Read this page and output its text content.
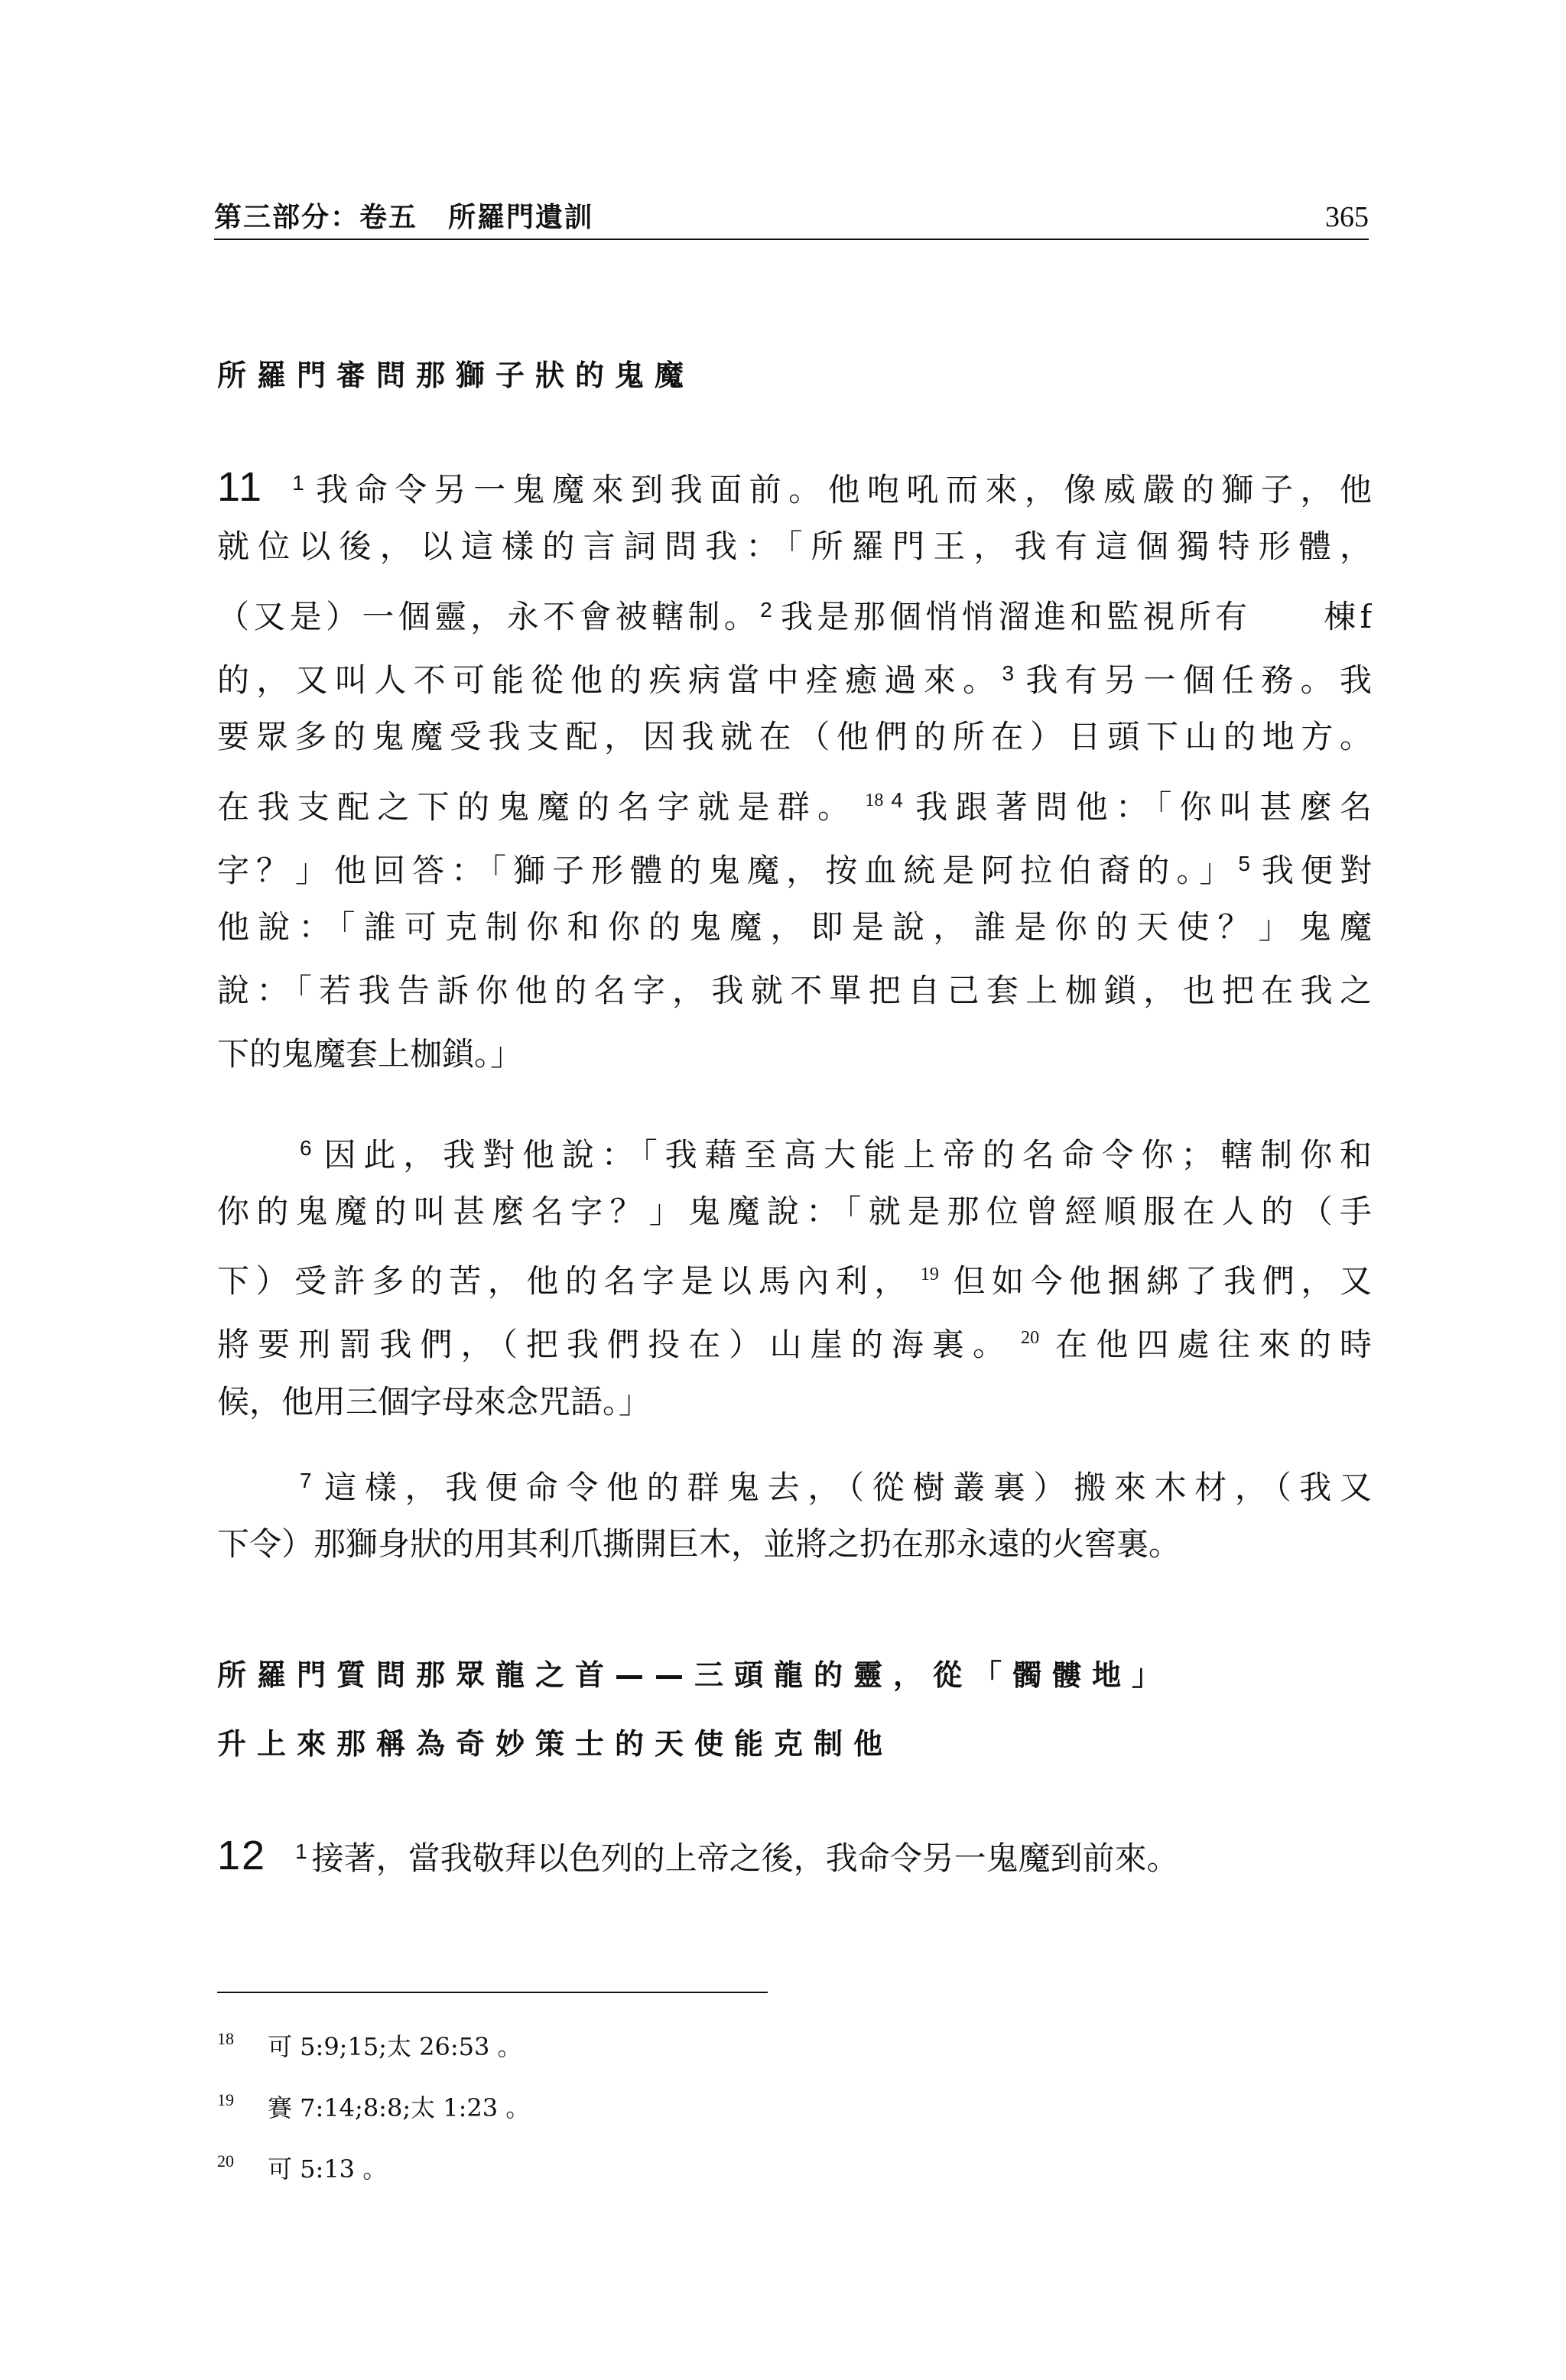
第三部分：卷五 所羅門遺訓	365
所羅門審問那獅子狀的鬼魔
11 $^1$ 我命令另一鬼魔來到我面前。他咆吼而來，像威嚴的獅子，他
就位以後，以這樣的言詞問我：「所羅門王，我有這個獨特形體，
（又是）一個靈，永不會被轄制。$^2$ 我是那個悄悄溜進和監視所有　　棟f
的，又叫人不可能從他的疾病當中痊癒過來。$^3$ 我有另一個任務。我
要眾多的鬼魔受我支配，因我就在（他們的所在）日頭下山的地方。
在我支配之下的鬼魔的名字就是群。 $^{18}$ $^4$ 我跟著問他：「你叫甚麼名
字？」他回答：「獅子形體的鬼魔，按血統是阿拉伯裔的。」$^5$ 我便對
他說：「誰可克制你和你的鬼魔，即是說，誰是你的天使？」鬼魔
說：「若我告訴你他的名字，我就不單把自己套上枷鎖，也把在我之
下的鬼魔套上枷鎖。」
$^6$ 因此，我對他說：「我藉至高大能上帝的名命令你；轄制你和
你的鬼魔的叫甚麼名字？」鬼魔說：「就是那位曾經順服在人的（手
下）受許多的苦，他的名字是以馬內利， $^{19}$ 但如今他捆綁了我們，又
將要刑罰我們，（把我們投在）山崖的海裏。 $^{20}$ 在他四處往來的時
候，他用三個字母來念咒語。」
$^7$ 這樣，我便命令他的群鬼去，（從樹叢裏）搬來木材，（我又
下令）那獅身狀的用其利爪撕開巨木，並將之扔在那永遠的火窖裏。
所羅門質問那眾龍之首——三頭龍的靈，從「髑髏地」
升上來那稱為奇妙策士的天使能克制他
12 $^1$ 接著，當我敬拜以色列的上帝之後，我命令另一鬼魔到前來。
18 可 5:9;15;太 26:53 。
19 賽 7:14;8:8;太 1:23 。
20 可 5:13 。
